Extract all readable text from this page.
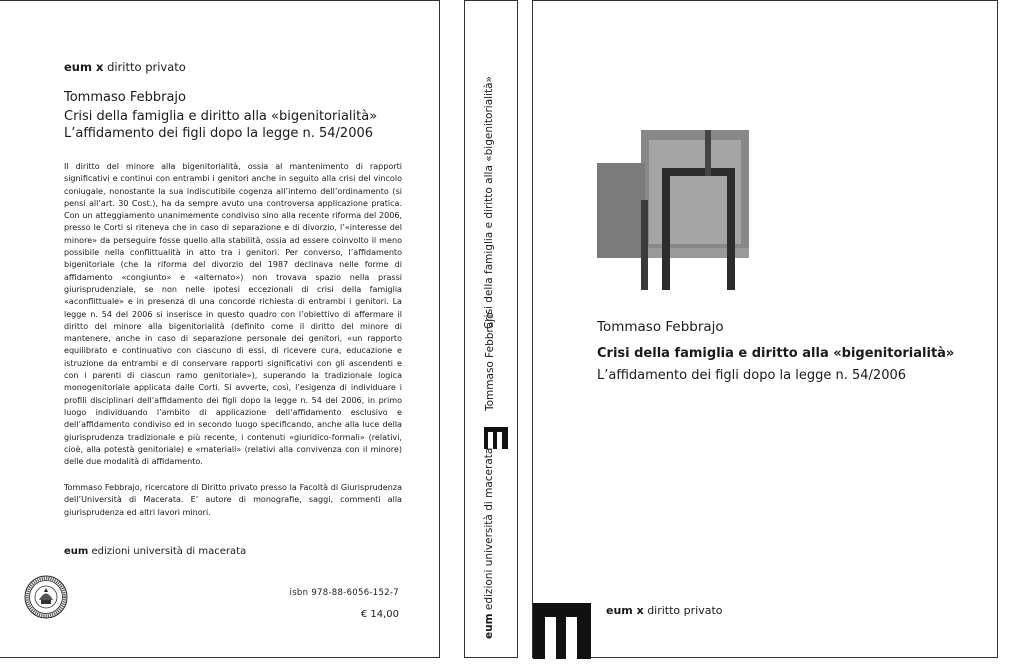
eum x diritto privato
Tommaso Febbrajo
Crisi della famiglia e diritto alla «bigenitorialità»
L’affidamento dei figli dopo la legge n. 54/2006

Il diritto del minore alla bigenitorialità, ossia al mantenimento di rapporti significativi e continui con entrambi i genitori anche in seguito alla crisi del vincolo coniugale, nonostante la sua indiscutibile cogenza all’interno dell’ordinamento (si pensi all’art. 30 Cost.), ha da sempre avuto una controversa applicazione pratica. Con un atteggiamento unanimemente condiviso sino alla recente riforma del 2006, presso le Corti si riteneva che in caso di separazione e di divorzio, l’«interesse del minore» da perseguire fosse quello alla stabilità, ossia ad essere coinvolto il meno possibile nella conflittualità in atto tra i genitori. Per converso, l’affidamento bigenitoriale (che la riforma del divorzio del 1987 declinava nelle forme di affidamento «congiunto» e «alternato») non trovava spazio nella prassi giurisprudenziale, se non nelle ipotesi eccezionali di crisi della famiglia «aconflittuale» e in presenza di una concorde richiesta di entrambi i genitori. La legge n. 54 del 2006 si inserisce in questo quadro con l’obiettivo di affermare il diritto del minore alla bigenitorialità (definito come il diritto del minore di mantenere, anche in caso di separazione personale dei genitori, «un rapporto equilibrato e continuativo con ciascuno di essi, di ricevere cura, educazione e istruzione da entrambi e di conservare rapporti significativi con gli ascendenti e con i parenti di ciascun ramo genitoriale»), superando la tradizionale logica monogenitoriale applicata dalle Corti. Si avverte, così, l’esigenza di individuare i profili disciplinari dell’affidamento dei figli dopo la legge n. 54 del 2006, in primo luogo individuando l’ambito di applicazione dell’affidamento esclusivo e dell’affidamento condiviso ed in secondo luogo specificando, anche alla luce della giurisprudenza tradizionale e più recente, i contenuti «giuridico-formali» (relativi, cioè, alla potestà genitoriale) e «materiali» (relativi alla convivenza con il minore) delle due modalità di affidamento.

Tommaso Febbrajo, ricercatore di Diritto privato presso la Facoltà di Giurisprudenza dell’Università di Macerata. E’ autore di monografie, saggi, commenti alla giurisprudenza ed altri lavori minori.

eum edizioni università di macerata
isbn 978-88-6056-152-7
€ 14,00
Crisi della famiglia e diritto alla «bigenitorialità»
Tommaso Febbrajo
eum edizioni università di macerata
Tommaso Febbrajo
Crisi della famiglia e diritto alla «bigenitorialità»
L’affidamento dei figli dopo la legge n. 54/2006
eum x diritto privato
